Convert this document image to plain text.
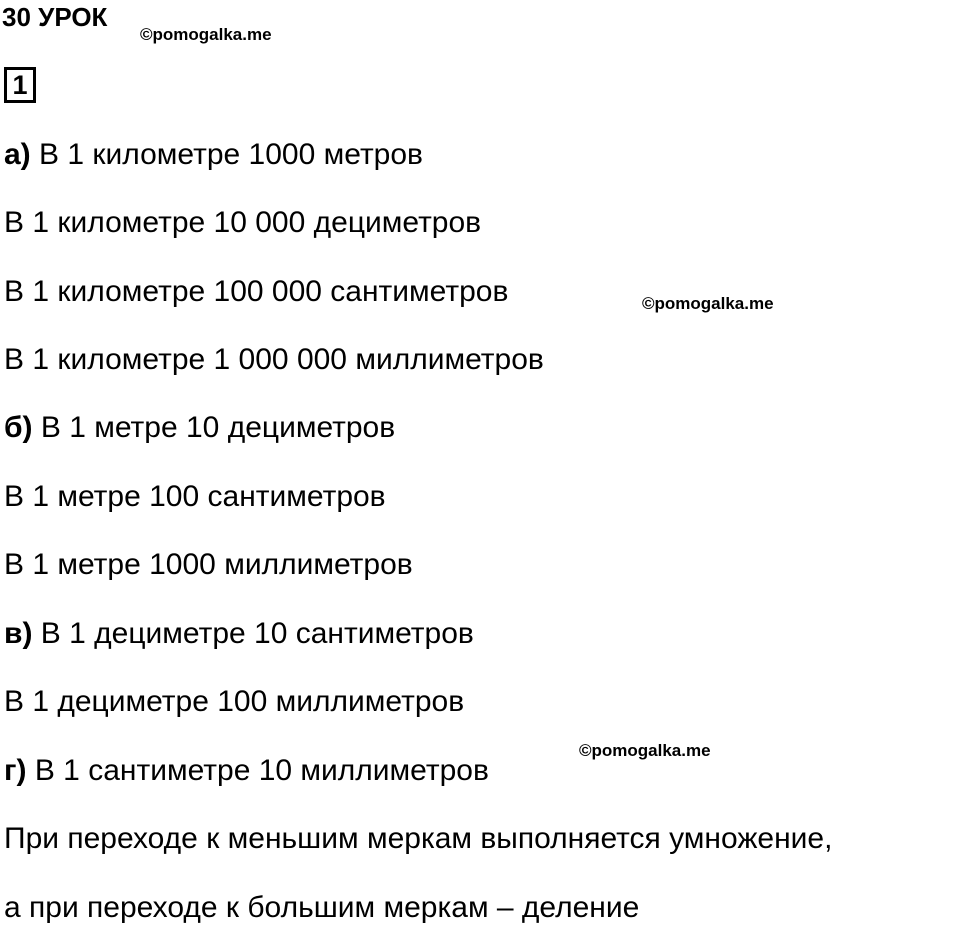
30 УРОК
©pomogalka.me
1
а) В 1 километре 1000 метров
В 1 километре 10 000 дециметров
В 1 километре 100 000 сантиметров	©pomogalka.me
В 1 километре 1 000 000 миллиметров
б) В 1 метре 10 дециметров
В 1 метре 100 сантиметров
В 1 метре 1000 миллиметров
в) В 1 дециметре 10 сантиметров
В 1 дециметре 100 миллиметров
©pomogalka.me
г) В 1 сантиметре 10 миллиметров
При переходе к меньшим меркам выполняется умножение,
а при переходе к большим меркам – деление
